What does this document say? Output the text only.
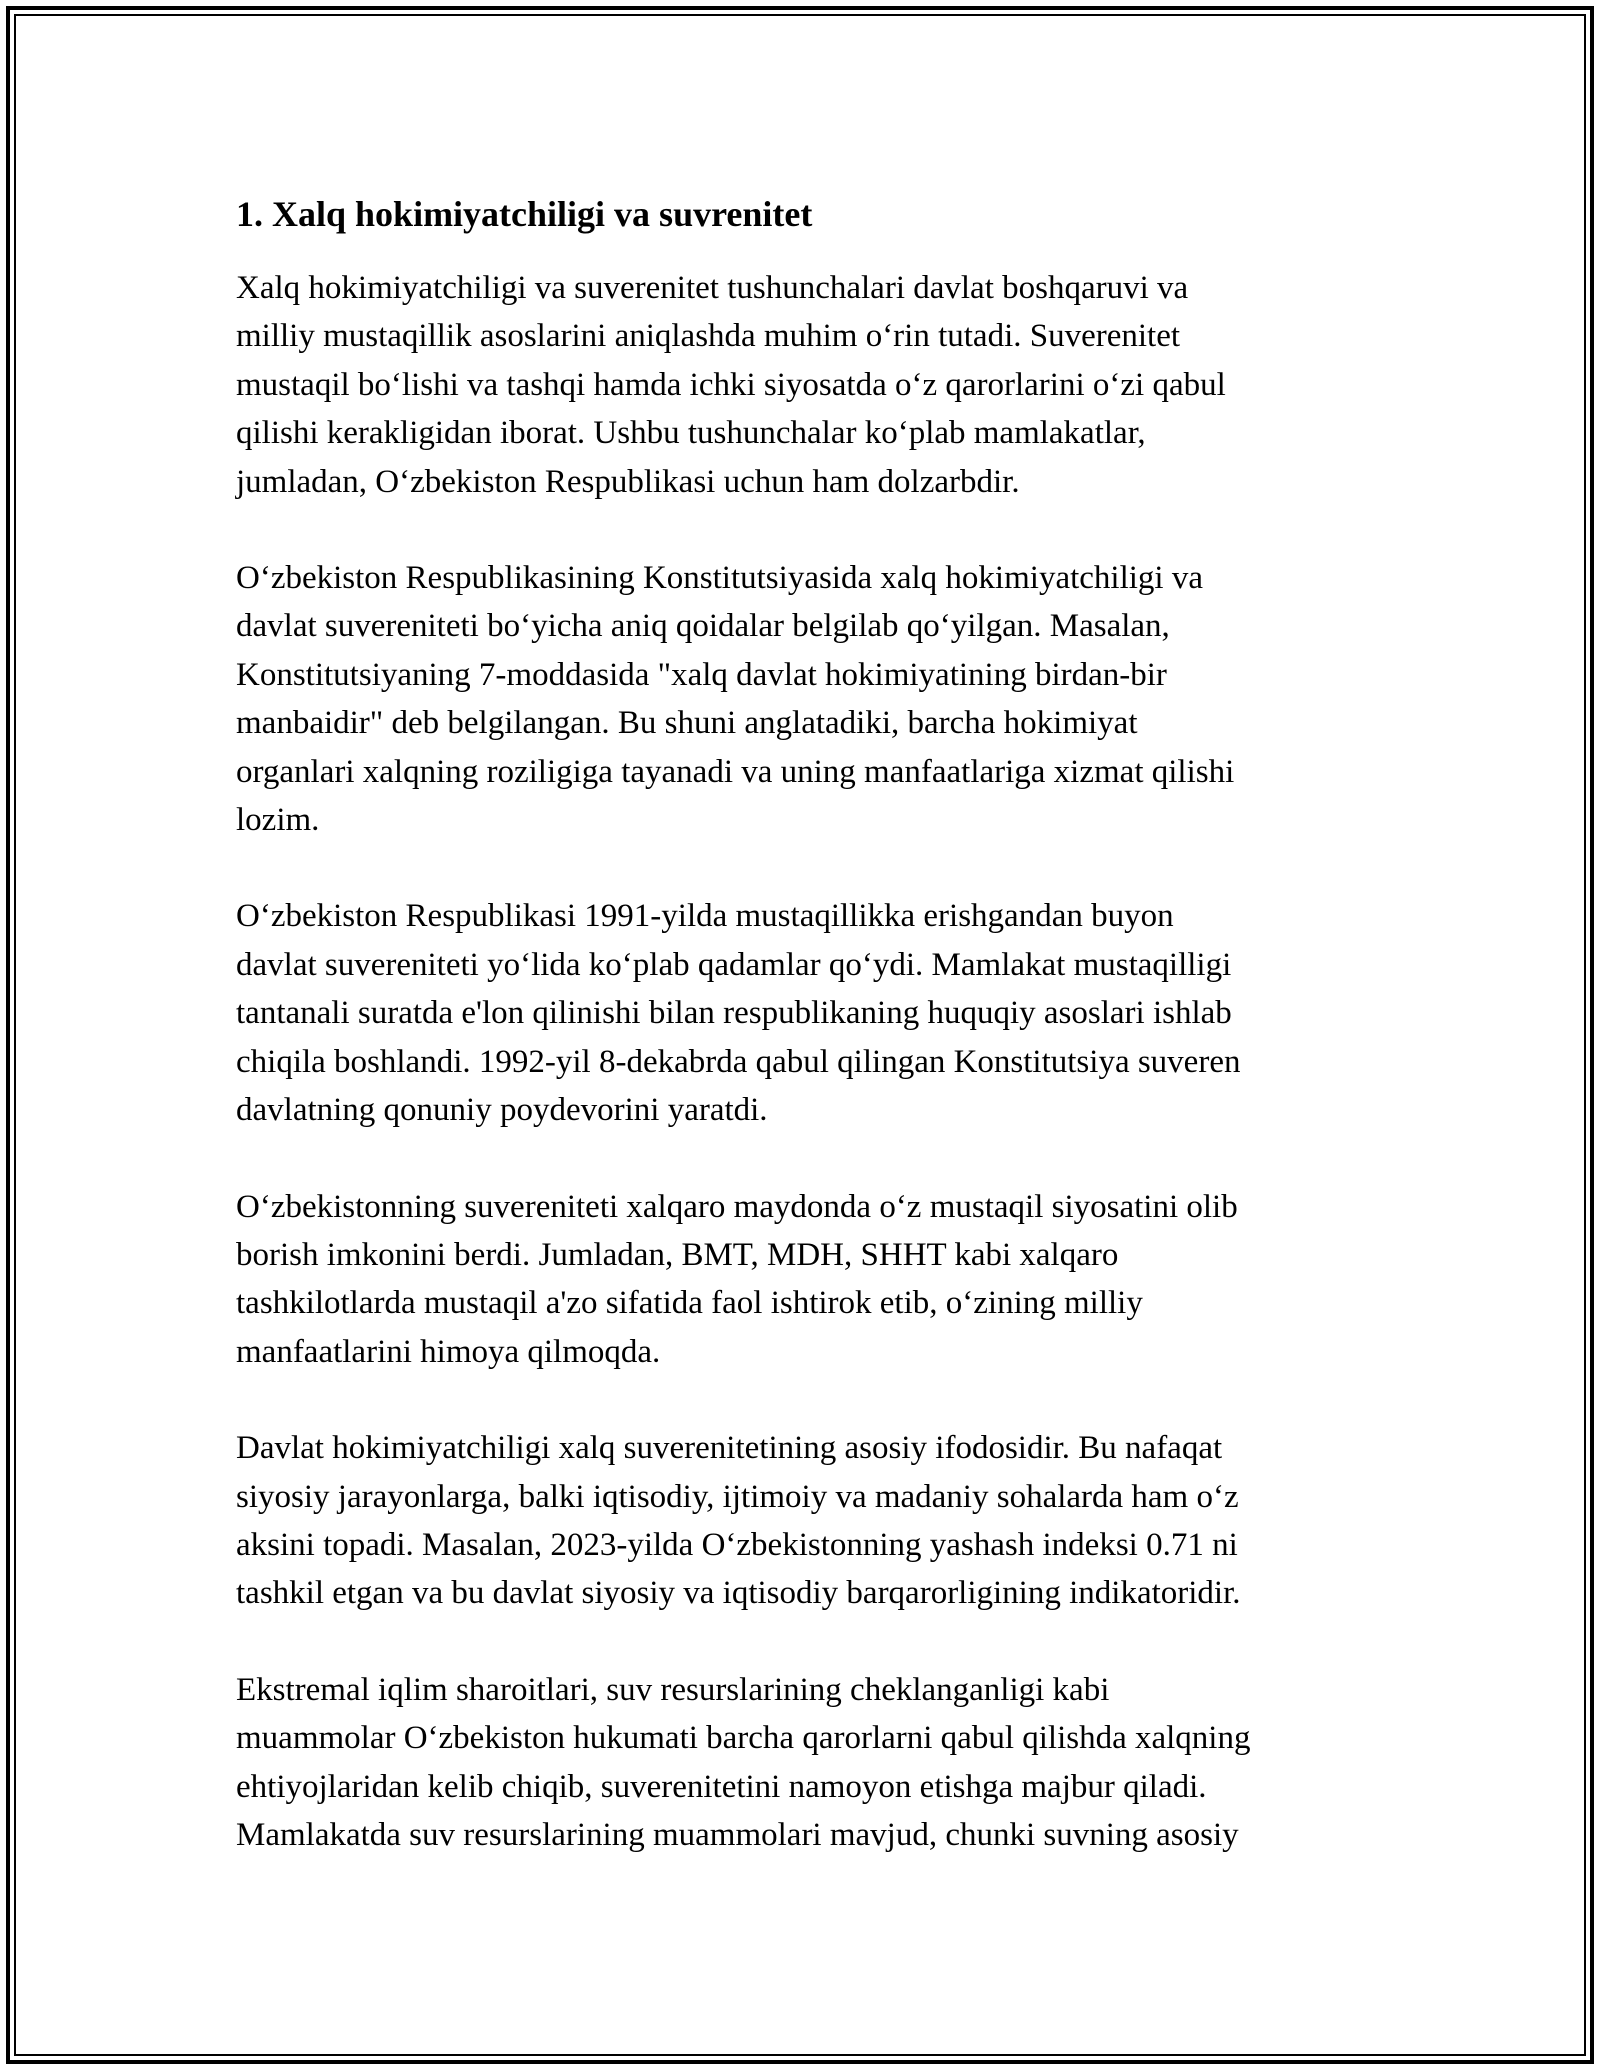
1. Xalq hokimiyatchiligi va suvrenitet

Xalq hokimiyatchiligi va suverenitet tushunchalari davlat boshqaruvi va
milliy mustaqillik asoslarini aniqlashda muhim o‘rin tutadi. Suverenitet
mustaqil bo‘lishi va tashqi hamda ichki siyosatda o‘z qarorlarini o‘zi qabul
qilishi kerakligidan iborat. Ushbu tushunchalar ko‘plab mamlakatlar,
jumladan, O‘zbekiston Respublikasi uchun ham dolzarbdir.

O‘zbekiston Respublikasining Konstitutsiyasida xalq hokimiyatchiligi va
davlat suvereniteti bo‘yicha aniq qoidalar belgilab qo‘yilgan. Masalan,
Konstitutsiyaning 7-moddasida "xalq davlat hokimiyatining birdan-bir
manbaidir" deb belgilangan. Bu shuni anglatadiki, barcha hokimiyat
organlari xalqning roziligiga tayanadi va uning manfaatlariga xizmat qilishi
lozim.

O‘zbekiston Respublikasi 1991-yilda mustaqillikka erishgandan buyon
davlat suvereniteti yo‘lida ko‘plab qadamlar qo‘ydi. Mamlakat mustaqilligi
tantanali suratda e'lon qilinishi bilan respublikaning huquqiy asoslari ishlab
chiqila boshlandi. 1992-yil 8-dekabrda qabul qilingan Konstitutsiya suveren
davlatning qonuniy poydevorini yaratdi.

O‘zbekistonning suvereniteti xalqaro maydonda o‘z mustaqil siyosatini olib
borish imkonini berdi. Jumladan, BMT, MDH, SHHT kabi xalqaro
tashkilotlarda mustaqil a'zo sifatida faol ishtirok etib, o‘zining milliy
manfaatlarini himoya qilmoqda.

Davlat hokimiyatchiligi xalq suverenitetining asosiy ifodosidir. Bu nafaqat
siyosiy jarayonlarga, balki iqtisodiy, ijtimoiy va madaniy sohalarda ham o‘z
aksini topadi. Masalan, 2023-yilda O‘zbekistonning yashash indeksi 0.71 ni
tashkil etgan va bu davlat siyosiy va iqtisodiy barqarorligining indikatoridir.

Ekstremal iqlim sharoitlari, suv resurslarining cheklanganligi kabi
muammolar O‘zbekiston hukumati barcha qarorlarni qabul qilishda xalqning
ehtiyojlaridan kelib chiqib, suverenitetini namoyon etishga majbur qiladi.
Mamlakatda suv resurslarining muammolari mavjud, chunki suvning asosiy
